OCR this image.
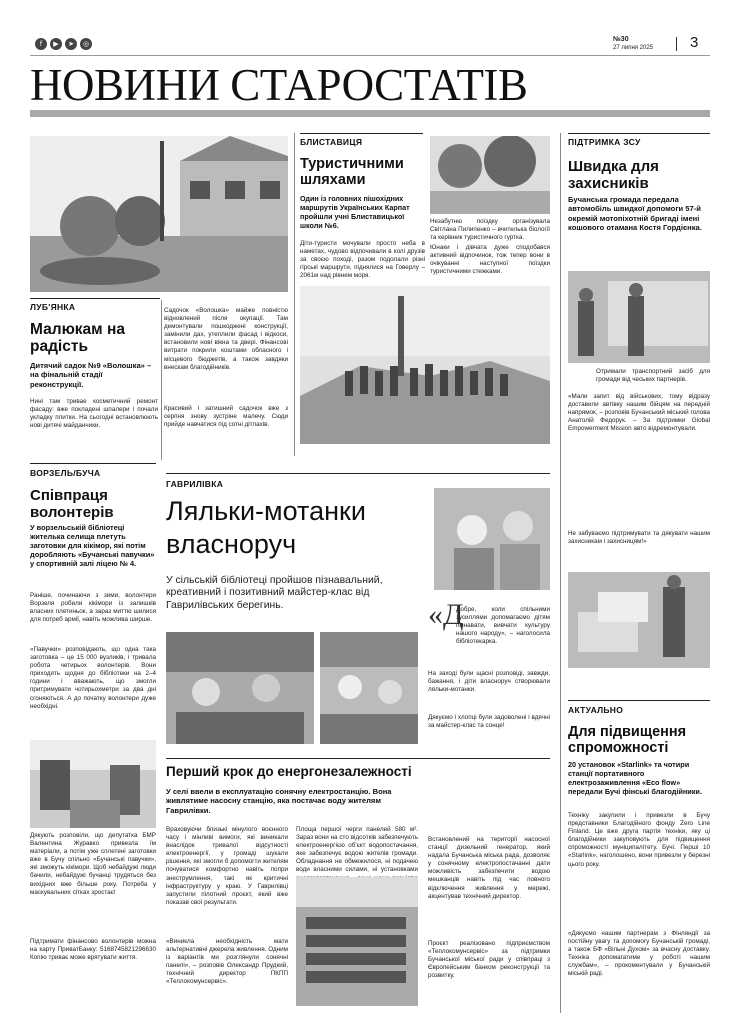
f ▶ ➤ ◎
№30
27 липня 2025 3
НОВИНИ СТАРОСТАТІВ
ЛУБ'ЯНКА
Малюкам на радість
Дитячий садок №9 «Волошка» – на фінальній стадії реконструкції.
Нині там тривае косметичний ремонт фасаду: вже покладені шпалери і почали укладку плитки. На сьогодні встановлюють нові дитячі майданчики.
Садочок «Волошка» майже повністю відновлений після окупації. Там демонтували пошкоджені конструкції, замінили дах, утеплили фасад і відкоси, встановили нові вікна та двері. Фінансові витрати покрили коштами обласного і місцевого бюджетів, а також завдяки внескам благодійників.
Красивий і затишний садочок вже з серпня знову зустріне малечу. Сюди прийде навчатися під сотні дітлахів.
БЛИСТАВИЦЯ
Туристичними шляхами
Один із головних пішохідних маршрутів Українських Карпат пройшли учні Блиставицької школи №6.
Діти-туристи мочували просто неба в наметах, чудово відпочивали в колі друзів за своєю поході, разом подолали різні гірські маршрути, піднялися на Говерлу – 2061м над рівнем моря.
Незабутню поїздку організувала Світлана Пилипенко – вчителька біології та керівник туристичного гуртка.
Юнаки і дівчата дуже сподобався активний відпочинок, тож тепер вони в очікуванні наступної поїздки туристичними стежками.
ПІДТРИМКА ЗСУ
Швидка для захисників
Бучанська громада передала автомобіль швидкої допомоги 57-й окремій мотопіхотній бригаді імені кошового отамана Костя Гордієнка.
Отримали транспортний засіб для громади від чеських партнерів.
«Мали запит від військових, тому відразу доставили автівку нашим бійцям на передній напрямок, – розповів Бучанський міський голова Анатолій Федорук. – За підтримки Global Empowerment Mission авто відремонтували.
Не забуваємо підтримувати та дякувати нашим захисникам і захисницям!»
ВОРЗЕЛЬ/БУЧА
Співпраця волонтерів
У ворзельській бібліотеці жителька селища плетуть заготовки для кікімор, які потім доробляють «Бучанські павучки» у спортивній залі ліцею № 4.
Раніше, починаючи з зими, волонтери Ворзеля робили кікімори із залишків власних плетиньок, а зараз миттю шилися для потреб армії, навіть можлива ширше.
«Павучки» розповідають, що одна така заготовка – це 15 000 вузликів, і тривала робота четирьох волонтерів. Вони приходять щодня до бібліотеки на 2–4 години і вважають, що змогли притримувати чотирьохметри за два дні сгоняються. А до початку волонтери дуже необхідні.
Дякують розповіли, що депутатка БМР Валентина Журавко привезла їм матеріали, а потім уже сплетені заготовки вже в Бучу спільно «Бучанські павучки», які зможуть кікімори. Щоб небайдужі люди бачили, небайдужі бучанці трудяться без вихідних вже більше року. Потреба у маскувальних сітках зростає!
Підтримати фінансово волонтерів можна на карту ПриватБанку: 5168745821296630 Копію триває може врятувати життя.
ГАВРИЛІВКА
Ляльки-мотанки власноруч
У сільській бібліотеці пройшов пізнавальний, креативний і позитивний майстер-клас від Гаврилівських берегинь.	«Д
Добре, коли спільними зусиллями допомагаємо дітям пізнавати, вивчати культуру нашого народу», – наголосила бібліотекарка.
На заході були щасні розповіді, завжди, бажання, і діти власноруч створювали ляльки-мотанки.
Дякуємо і хлопці були задоволені і вдячні за майстер-клас та сонце!
Перший крок до енергонезалежності
У селі ввели в експлуатацію сонячну електростанцію. Вона живлятиме насосну станцію, яка постачає воду жителям Гаврилівки.
Враховуючи близькі мінулого воєнного часу і мінливі вимоги, які виникали внаслідок тривалої відсутності електроенергії, у громаді шукали рішення, які змогли б допомогти жителям почуватися комфортно навіть попри знеструмлення, такі як критичні інфраструктуру у краю. У Гаврилівці запустили пілотний проєкт, який вже показав свої результати.
«Виникла необхідність мати альтернативні джерела живлення. Одним із варіантів ми розглянули сонячні панелі», – розповів Олександр Прудкий, технічний директор ПКПП «Теплокомунсервіс».
Площа першої черги панелей 580 м². Зараз вони на сто відсотків забезпечують електроенергією об'єкт водопостачання, яке забезпечує водою жителів громади. Обладнання не обмежилося, ні подачею води власними силами, ні установками
Встановлений на території насосної станції дизельний генератор, який надала Бучанська міська рада, дозволяє у сонячному електропостачанні дати можливість забезпечити водою мешканців навіть під час повного відключення живлення у мережі, акцентував технічний директор.
Проєкт реалізовано підприємством «Теплокомунсервіс» за підтримки Бучанської міської ради у співпраці з Європейським банком реконструкції та розвитку.
АКТУАЛЬНО
Для підвищення спроможності
20 установок «Starlink» та чотири станції портативного електрозаживлення «Eco flow» передали Бучі фінські благодійники.
Техніку закупили і привезли в Бучу представники Благодійного фонду Zero Line Finland. Це вже друга партія техніки, яку ці благодійники закуповують для підвищення спроможності муніципалітету. Бучі. Перші 10 «Starlink», наголошено, вони привезли у березні цього року.
«Дякуємо нашим партнерам з Фінляндії за постійну увагу та допомогу Бучанській громаді, а також БФ «Вільні Духом» за вчасну доставку. Техніка допомагатиме у роботі нашим службам», – прокоментували у Бучанській міській раді.
